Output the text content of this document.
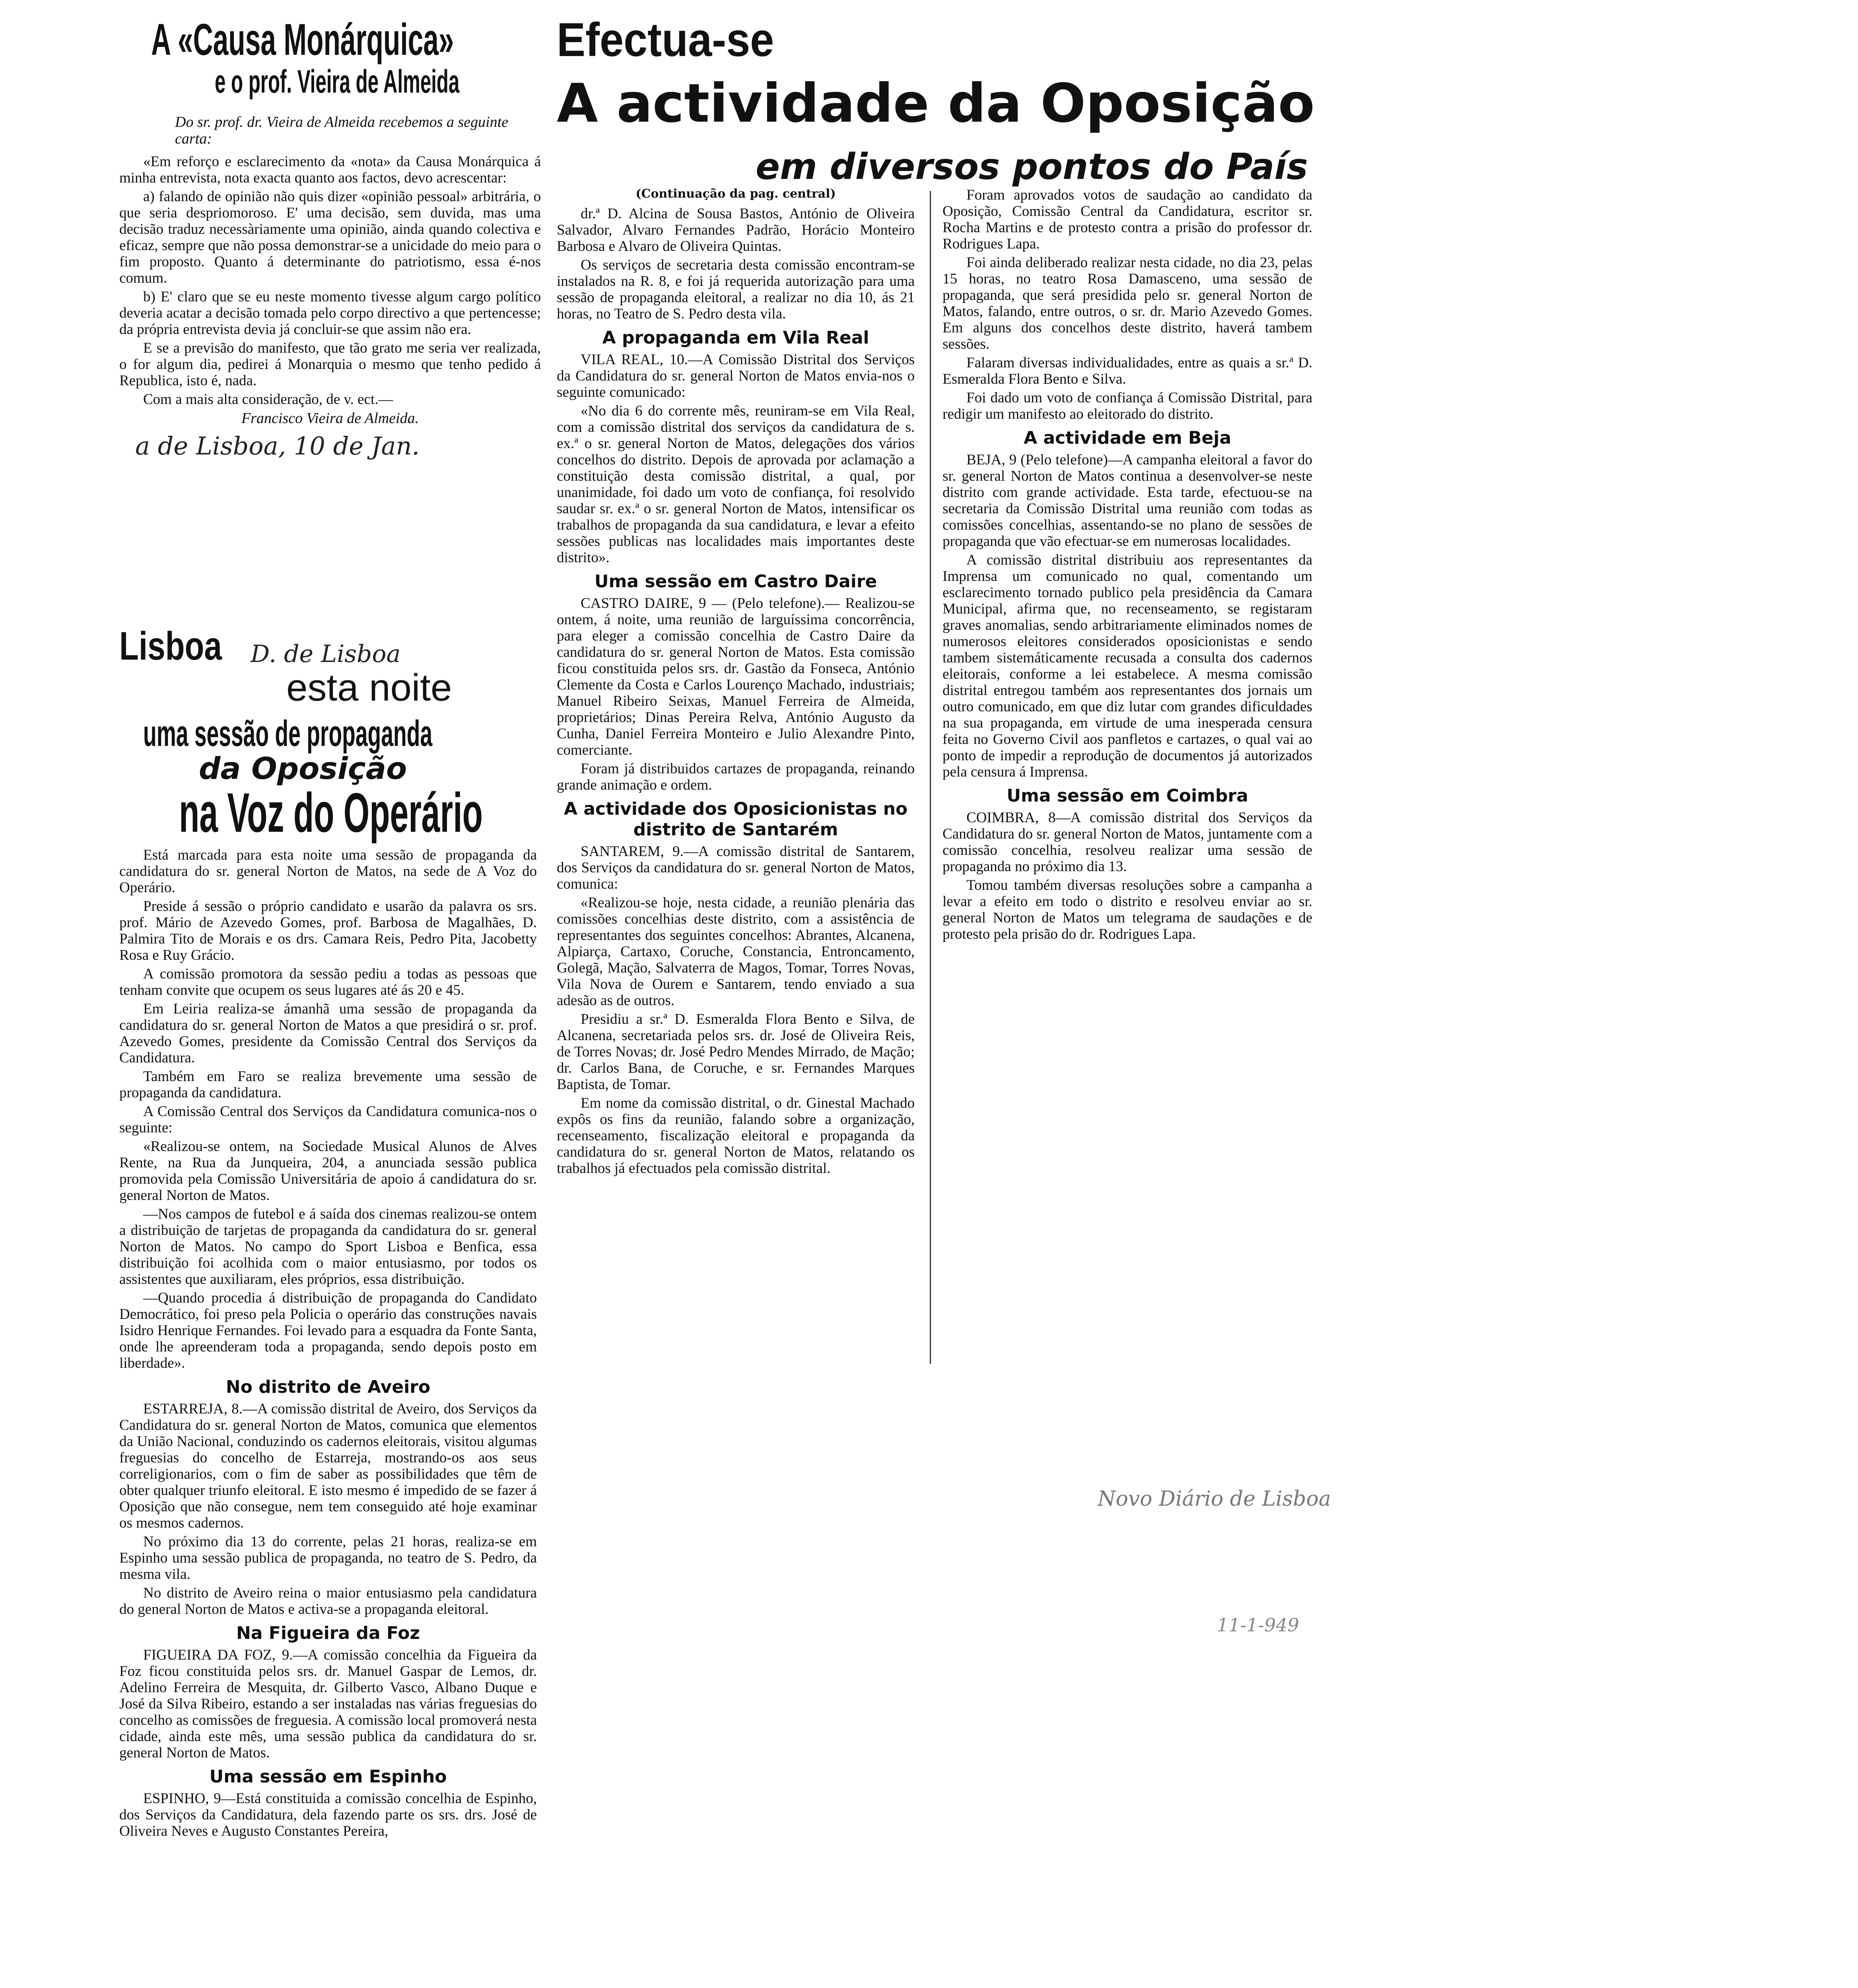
A «Causa Monárquica»
e o prof. Vieira de Almeida
Do sr. prof. dr. Vieira de Almeida recebemos a seguinte carta:

«Em reforço e esclarecimento da «nota» da Causa Monárquica á minha entrevista, nota exacta quanto aos factos, devo acrescentar:

a) falando de opinião não quis dizer «opinião pessoal» arbitrária, o que seria despriomoroso. E' uma decisão, sem duvida, mas uma decisão traduz necessàriamente uma opinião, ainda quando colectiva e eficaz, sempre que não possa demonstrar-se a unicidade do meio para o fim proposto. Quanto á determinante do patriotismo, essa é-nos comum.

b) E' claro que se eu neste momento tivesse algum cargo político deveria acatar a decisão tomada pelo corpo directivo a que pertencesse; da própria entrevista devia já concluir-se que assim não era.

E se a previsão do manifesto, que tão grato me seria ver realizada, o for algum dia, pedirei á Monarquia o mesmo que tenho pedido á Republica, isto é, nada.

Com a mais alta consideração, de v. ect.—

Francisco Vieira de Almeida.
a de Lisboa, 10 de Jan.
Lisboa D. de Lisboa
esta noite
uma sessão de propaganda
da Oposição
na Voz do Operário

Está marcada para esta noite uma sessão de propaganda da candidatura do sr. general Norton de Matos, na sede de A Voz do Operário.

Preside á sessão o próprio candidato e usarão da palavra os srs. prof. Mário de Azevedo Gomes, prof. Barbosa de Magalhães, D. Palmira Tito de Morais e os drs. Camara Reis, Pedro Pita, Jacobetty Rosa e Ruy Grácio.

A comissão promotora da sessão pediu a todas as pessoas que tenham convite que ocupem os seus lugares até ás 20 e 45.

Em Leiria realiza-se ámanhã uma sessão de propaganda da candidatura do sr. general Norton de Matos a que presidirá o sr. prof. Azevedo Gomes, presidente da Comissão Central dos Serviços da Candidatura.

Também em Faro se realiza brevemente uma sessão de propaganda da candidatura.

A Comissão Central dos Serviços da Candidatura comunica-nos o seguinte:

«Realizou-se ontem, na Sociedade Musical Alunos de Alves Rente, na Rua da Junqueira, 204, a anunciada sessão publica promovida pela Comissão Universitária de apoio á candidatura do sr. general Norton de Matos.

—Nos campos de futebol e á saída dos cinemas realizou-se ontem a distribuição de tarjetas de propaganda da candidatura do sr. general Norton de Matos. No campo do Sport Lisboa e Benfica, essa distribuição foi acolhida com o maior entusiasmo, por todos os assistentes que auxiliaram, eles próprios, essa distribuição.

—Quando procedia á distribuição de propaganda do Candidato Democrático, foi preso pela Policia o operário das construções navais Isidro Henrique Fernandes. Foi levado para a esquadra da Fonte Santa, onde lhe apreenderam toda a propaganda, sendo depois posto em liberdade».

No distrito de Aveiro

ESTARREJA, 8.—A comissão distrital de Aveiro, dos Serviços da Candidatura do sr. general Norton de Matos, comunica que elementos da União Nacional, conduzindo os cadernos eleitorais, visitou algumas freguesias do concelho de Estarreja, mostrando-os aos seus correligionarios, com o fim de saber as possibilidades que têm de obter qualquer triunfo eleitoral. E isto mesmo é impedido de se fazer á Oposição que não consegue, nem tem conseguido até hoje examinar os mesmos cadernos.

No próximo dia 13 do corrente, pelas 21 horas, realiza-se em Espinho uma sessão publica de propaganda, no teatro de S. Pedro, da mesma vila.

No distrito de Aveiro reina o maior entusiasmo pela candidatura do general Norton de Matos e activa-se a propaganda eleitoral.

Na Figueira da Foz

FIGUEIRA DA FOZ, 9.—A comissão concelhia da Figueira da Foz ficou constituida pelos srs. dr. Manuel Gaspar de Lemos, dr. Adelino Ferreira de Mesquita, dr. Gilberto Vasco, Albano Duque e José da Silva Ribeiro, estando a ser instaladas nas várias freguesias do concelho as comissões de freguesia. A comissão local promoverá nesta cidade, ainda este mês, uma sessão publica da candidatura do sr. general Norton de Matos.

Uma sessão em Espinho

ESPINHO, 9—Está constituida a comissão concelhia de Espinho, dos Serviços da Candidatura, dela fazendo parte os srs. drs. José de Oliveira Neves e Augusto Constantes Pereira,

Efectua-se
A actividade da Oposição
em diversos pontos do País
(Continuação da pag. central)

dr.ª D. Alcina de Sousa Bastos, António de Oliveira Salvador, Alvaro Fernandes Padrão, Horácio Monteiro Barbosa e Alvaro de Oliveira Quintas.

Os serviços de secretaria desta comissão encontram-se instalados na R. 8, e foi já requerida autorização para uma sessão de propaganda eleitoral, a realizar no dia 10, ás 21 horas, no Teatro de S. Pedro desta vila.

A propaganda em Vila Real

VILA REAL, 10.—A Comissão Distrital dos Serviços da Candidatura do sr. general Norton de Matos envia-nos o seguinte comunicado:

«No dia 6 do corrente mês, reuniram-se em Vila Real, com a comissão distrital dos serviços da candidatura de s. ex.ª o sr. general Norton de Matos, delegações dos vários concelhos do distrito. Depois de aprovada por aclamação a constituição desta comissão distrital, a qual, por unanimidade, foi dado um voto de confiança, foi resolvido saudar sr. ex.ª o sr. general Norton de Matos, intensificar os trabalhos de propaganda da sua candidatura, e levar a efeito sessões publicas nas localidades mais importantes deste distrito».

Uma sessão em Castro Daire

CASTRO DAIRE, 9 — (Pelo telefone).— Realizou-se ontem, á noite, uma reunião de larguíssima concorrência, para eleger a comissão concelhia de Castro Daire da candidatura do sr. general Norton de Matos. Esta comissão ficou constituida pelos srs. dr. Gastão da Fonseca, António Clemente da Costa e Carlos Lourenço Machado, industriais; Manuel Ribeiro Seixas, Manuel Ferreira de Almeida, proprietários; Dinas Pereira Relva, António Augusto da Cunha, Daniel Ferreira Monteiro e Julio Alexandre Pinto, comerciante.

Foram já distribuidos cartazes de propaganda, reinando grande animação e ordem.

A actividade dos Oposicionistas no distrito de Santarém

SANTAREM, 9.—A comissão distrital de Santarem, dos Serviços da candidatura do sr. general Norton de Matos, comunica:

«Realizou-se hoje, nesta cidade, a reunião plenária das comissões concelhias deste distrito, com a assistência de representantes dos seguintes concelhos: Abrantes, Alcanena, Alpiarça, Cartaxo, Coruche, Constancia, Entroncamento, Golegã, Mação, Salvaterra de Magos, Tomar, Torres Novas, Vila Nova de Ourem e Santarem, tendo enviado a sua adesão as de outros.

Presidiu a sr.ª D. Esmeralda Flora Bento e Silva, de Alcanena, secretariada pelos srs. dr. José de Oliveira Reis, de Torres Novas; dr. José Pedro Mendes Mirrado, de Mação; dr. Carlos Bana, de Coruche, e sr. Fernandes Marques Baptista, de Tomar.

Em nome da comissão distrital, o dr. Ginestal Machado expôs os fins da reunião, falando sobre a organização, recenseamento, fiscalização eleitoral e propaganda da candidatura do sr. general Norton de Matos, relatando os trabalhos já efectuados pela comissão distrital.

Foram aprovados votos de saudação ao candidato da Oposição, Comissão Central da Candidatura, escritor sr. Rocha Martins e de protesto contra a prisão do professor dr. Rodrigues Lapa.

Foi ainda deliberado realizar nesta cidade, no dia 23, pelas 15 horas, no teatro Rosa Damasceno, uma sessão de propaganda, que será presidida pelo sr. general Norton de Matos, falando, entre outros, o sr. dr. Mario Azevedo Gomes. Em alguns dos concelhos deste distrito, haverá tambem sessões.

Falaram diversas individualidades, entre as quais a sr.ª D. Esmeralda Flora Bento e Silva.

Foi dado um voto de confiança á Comissão Distrital, para redigir um manifesto ao eleitorado do distrito.

A actividade em Beja

BEJA, 9 (Pelo telefone)—A campanha eleitoral a favor do sr. general Norton de Matos continua a desenvolver-se neste distrito com grande actividade. Esta tarde, efectuou-se na secretaria da Comissão Distrital uma reunião com todas as comissões concelhias, assentando-se no plano de sessões de propaganda que vão efectuar-se em numerosas localidades.

A comissão distrital distribuiu aos representantes da Imprensa um comunicado no qual, comentando um esclarecimento tornado publico pela presidência da Camara Municipal, afirma que, no recenseamento, se registaram graves anomalias, sendo arbitrariamente eliminados nomes de numerosos eleitores considerados oposicionistas e sendo tambem sistemáticamente recusada a consulta dos cadernos eleitorais, conforme a lei estabelece. A mesma comissão distrital entregou também aos representantes dos jornais um outro comunicado, em que diz lutar com grandes dificuldades na sua propaganda, em virtude de uma inesperada censura feita no Governo Civil aos panfletos e cartazes, o qual vai ao ponto de impedir a reprodução de documentos já autorizados pela censura á Imprensa.

Uma sessão em Coimbra

COIMBRA, 8—A comissão distrital dos Serviços da Candidatura do sr. general Norton de Matos, juntamente com a comissão concelhia, resolveu realizar uma sessão de propaganda no próximo dia 13.

Tomou também diversas resoluções sobre a campanha a levar a efeito em todo o distrito e resolveu enviar ao sr. general Norton de Matos um telegrama de saudações e de protesto pela prisão do dr. Rodrigues Lapa.

Novo Diário de Lisboa
11-1-949
